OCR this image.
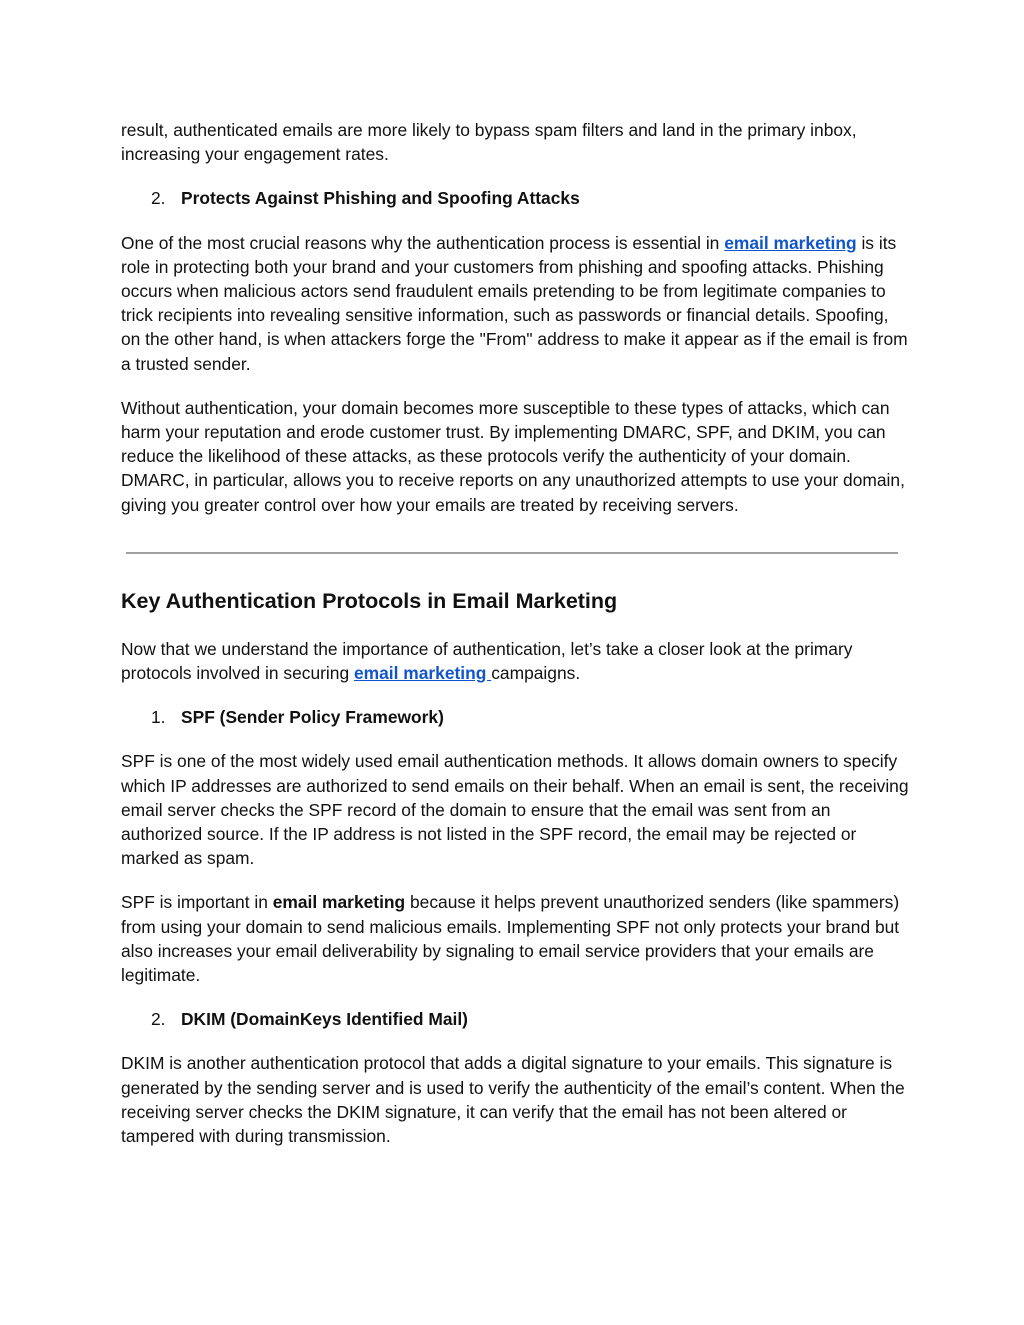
result, authenticated emails are more likely to bypass spam filters and land in the primary inbox, increasing your engagement rates.

2. Protects Against Phishing and Spoofing Attacks

One of the most crucial reasons why the authentication process is essential in email marketing is its role in protecting both your brand and your customers from phishing and spoofing attacks. Phishing occurs when malicious actors send fraudulent emails pretending to be from legitimate companies to trick recipients into revealing sensitive information, such as passwords or financial details. Spoofing, on the other hand, is when attackers forge the "From" address to make it appear as if the email is from a trusted sender.

Without authentication, your domain becomes more susceptible to these types of attacks, which can harm your reputation and erode customer trust. By implementing DMARC, SPF, and DKIM, you can reduce the likelihood of these attacks, as these protocols verify the authenticity of your domain. DMARC, in particular, allows you to receive reports on any unauthorized attempts to use your domain, giving you greater control over how your emails are treated by receiving servers.

Key Authentication Protocols in Email Marketing

Now that we understand the importance of authentication, let’s take a closer look at the primary protocols involved in securing email marketing campaigns.

1. SPF (Sender Policy Framework)

SPF is one of the most widely used email authentication methods. It allows domain owners to specify which IP addresses are authorized to send emails on their behalf. When an email is sent, the receiving email server checks the SPF record of the domain to ensure that the email was sent from an authorized source. If the IP address is not listed in the SPF record, the email may be rejected or marked as spam.

SPF is important in email marketing because it helps prevent unauthorized senders (like spammers) from using your domain to send malicious emails. Implementing SPF not only protects your brand but also increases your email deliverability by signaling to email service providers that your emails are legitimate.

2. DKIM (DomainKeys Identified Mail)

DKIM is another authentication protocol that adds a digital signature to your emails. This signature is generated by the sending server and is used to verify the authenticity of the email’s content. When the receiving server checks the DKIM signature, it can verify that the email has not been altered or tampered with during transmission.
